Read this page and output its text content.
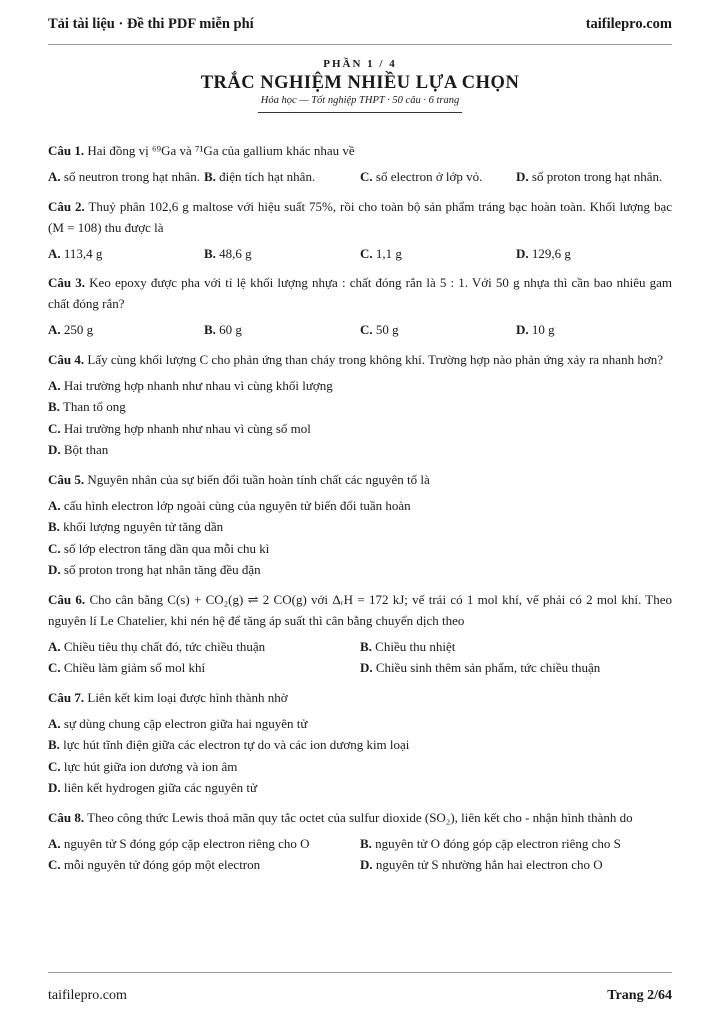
Tải tài liệu · Đề thi PDF miễn phí	taifilepro.com
PHẦN 1 / 4
TRẮC NGHIỆM NHIỀU LỰA CHỌN
Hóa học — Tốt nghiệp THPT · 50 câu · 6 trang
Câu 1. Hai đồng vị ⁶⁹Ga và ⁷¹Ga của gallium khác nhau về
A. số neutron trong hạt nhân. B. điện tích hạt nhân.	C. số electron ở lớp vỏ.	D. số proton trong hạt nhân.
Câu 2. Thuỷ phân 102,6 g maltose với hiệu suất 75%, rồi cho toàn bộ sản phẩm tráng bạc hoàn toàn. Khối lượng bạc (M = 108) thu được là
A. 113,4 g	B. 48,6 g	C. 1,1 g	D. 129,6 g
Câu 3. Keo epoxy được pha với tỉ lệ khối lượng nhựa : chất đóng rắn là 5 : 1. Với 50 g nhựa thì cần bao nhiêu gam chất đóng rắn?
A. 250 g	B. 60 g	C. 50 g	D. 10 g
Câu 4. Lấy cùng khối lượng C cho phản ứng than cháy trong không khí. Trường hợp nào phản ứng xảy ra nhanh hơn?
A. Hai trường hợp nhanh như nhau vì cùng khối lượng
B. Than tổ ong
C. Hai trường hợp nhanh như nhau vì cùng số mol
D. Bột than
Câu 5. Nguyên nhân của sự biến đổi tuần hoàn tính chất các nguyên tố là
A. cấu hình electron lớp ngoài cùng của nguyên tử biến đổi tuần hoàn
B. khối lượng nguyên tử tăng dần
C. số lớp electron tăng dần qua mỗi chu kì
D. số proton trong hạt nhân tăng đều đặn
Câu 6. Cho cân bằng C(s) + CO₂(g) ⇌ 2 CO(g) với ΔᵣH = 172 kJ; vế trái có 1 mol khí, vế phải có 2 mol khí. Theo nguyên lí Le Chatelier, khi nén hệ để tăng áp suất thì cân bằng chuyển dịch theo
A. Chiều tiêu thụ chất đó, tức chiều thuận	B. Chiều thu nhiệt
C. Chiều làm giảm số mol khí	D. Chiều sinh thêm sản phẩm, tức chiều thuận
Câu 7. Liên kết kim loại được hình thành nhờ
A. sự dùng chung cặp electron giữa hai nguyên tử
B. lực hút tĩnh điện giữa các electron tự do và các ion dương kim loại
C. lực hút giữa ion dương và ion âm
D. liên kết hydrogen giữa các nguyên tử
Câu 8. Theo công thức Lewis thoả mãn quy tắc octet của sulfur dioxide (SO₂), liên kết cho - nhận hình thành do
A. nguyên tử S đóng góp cặp electron riêng cho O	B. nguyên tử O đóng góp cặp electron riêng cho S
C. mỗi nguyên tử đóng góp một electron	D. nguyên tử S nhường hẳn hai electron cho O
taifilepro.com	Trang 2/64
